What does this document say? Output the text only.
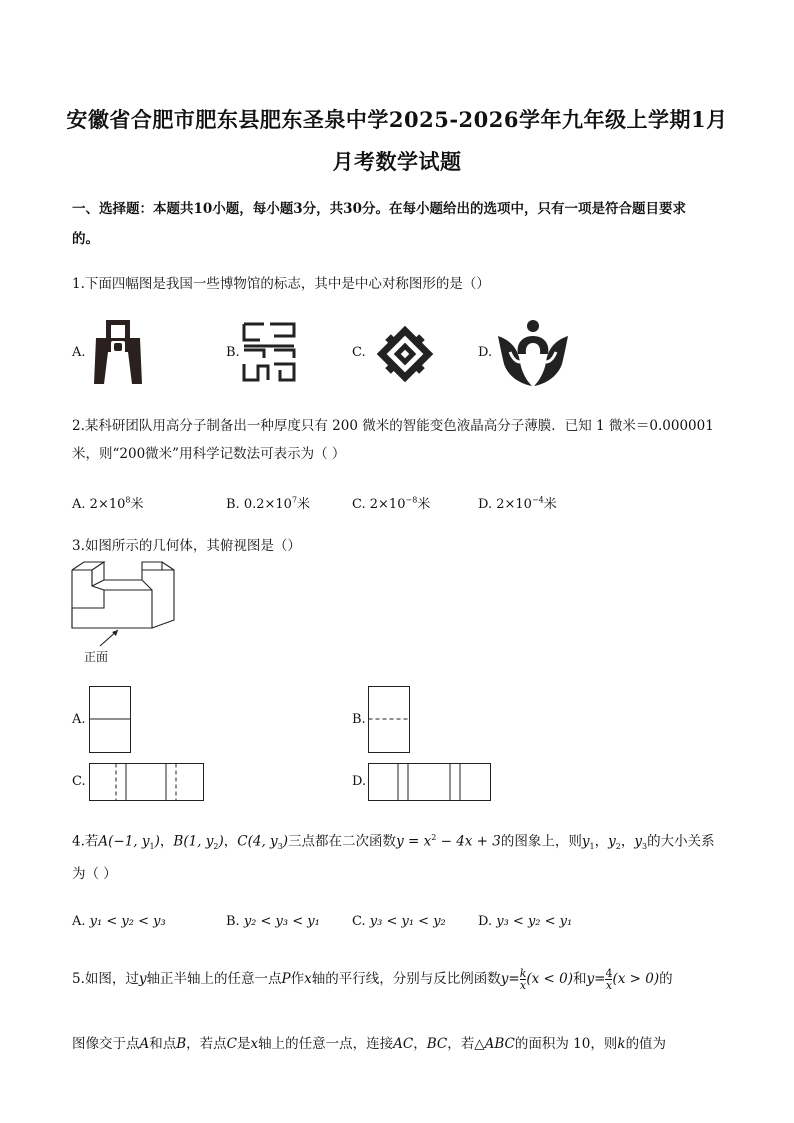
安徽省合肥市肥东县肥东圣泉中学2025-2026学年九年级上学期1月
月考数学试题
一、选择题：本题共10小题，每小题3分，共30分。在每小题给出的选项中，只有一项是符合题目要求
的。
1.下面四幅图是我国一些博物馆的标志，其中是中心对称图形的是（）
A.	B.	C.	D.
2.某科研团队用高分子制备出一种厚度只有 200 微米的智能变色液晶高分子薄膜．已知 1 微米＝0.000001
米，则“200微米”用科学记数法可表示为（ ）
A. $2\times 10^8$米	B. $0.2\times 10^7$米	C. $2\times 10^{-8}$米	D. $2\times 10^{-4}$米
3.如图所示的几何体，其俯视图是（）
正面
A.	B.
C.	D.
4.若A(−1, $y_1$)，B(1, $y_2$)，C(4, $y_3$)三点都在二次函数$y = x^2 - 4x + 3$的图象上，则$y_1$，$y_2$，$y_3$的大小关系
为（ ）
A. y₁ < y₂ < y₃	B. y₂ < y₃ < y₁ C. y₃ < y₁ < y₂ D. y₃ < y₂ < y₁
5.如图，过y轴正半轴上的任意一点P作x轴的平行线，分别与反比例函数$y= \frac{k}{x} (x < 0)$和$y= \frac{4}{x} (x > 0)$的
图像交于点A和点B，若点C是x轴上的任意一点，连接AC，BC，若△ABC的面积为 10，则k的值为
